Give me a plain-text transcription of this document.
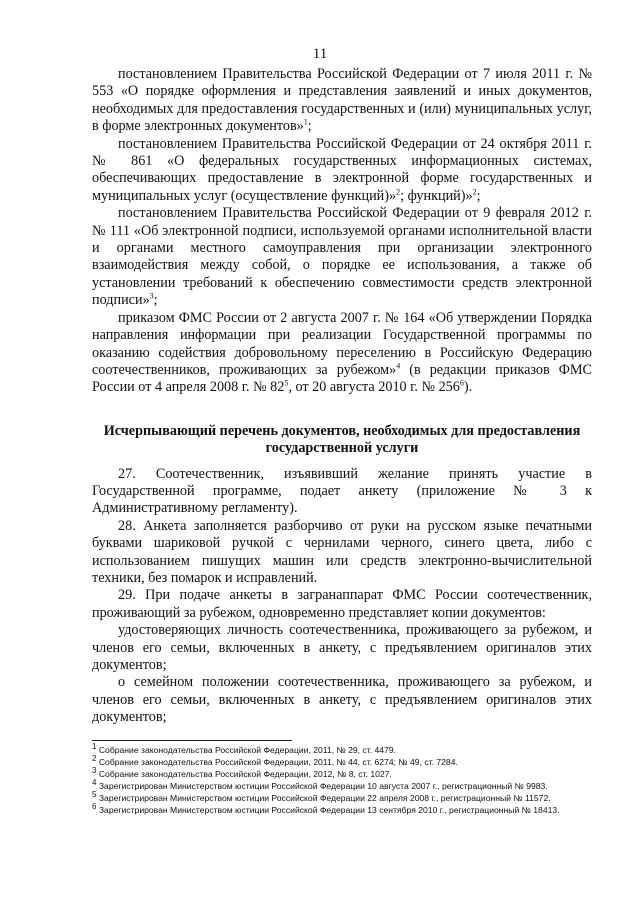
11

постановлением Правительства Российской Федерации от 7 июля 2011 г. № 553 «О порядке оформления и представления заявлений и иных документов, необходимых для предоставления государственных и (или) муниципальных услуг, в форме электронных документов»$^1$;

постановлением Правительства Российской Федерации от 24 октября 2011 г. № 861 «О федеральных государственных информационных системах, обеспечивающих предоставление в электронной форме государственных и муниципальных услуг (осуществление функций)»$^2$; функций)»$^2$;

постановлением Правительства Российской Федерации от 9 февраля 2012 г. № 111 «Об электронной подписи, используемой органами исполнительной власти и органами местного самоуправления при организации электронного взаимодействия между собой, о порядке ее использования, а также об установлении требований к обеспечению совместимости средств электронной подписи»$^3$;

приказом ФМС России от 2 августа 2007 г. № 164 «Об утверждении Порядка направления информации при реализации Государственной программы по оказанию содействия добровольному переселению в Российскую Федерацию соотечественников, проживающих за рубежом»$^4$ (в редакции приказов ФМС России от 4 апреля 2008 г. № $82^5$, от 20 августа 2010 г. № $256^6$).

Исчерпывающий перечень документов, необходимых для предоставления государственной услуги

27. Соотечественник, изъявивший желание принять участие в Государственной программе, подает анкету (приложение № 3 к Административному регламенту).

28. Анкета заполняется разборчиво от руки на русском языке печатными буквами шариковой ручкой с чернилами черного, синего цвета, либо с использованием пишущих машин или средств электронно-вычислительной техники, без помарок и исправлений.

29. При подаче анкеты в загранаппарат ФМС России соотечественник, проживающий за рубежом, одновременно представляет копии документов:

удостоверяющих личность соотечественника, проживающего за рубежом, и членов его семьи, включенных в анкету, с предъявлением оригиналов этих документов;

о семейном положении соотечественника, проживающего за рубежом, и членов его семьи, включенных в анкету, с предъявлением оригиналов этих документов;

$^1$ Собрание законодательства Российской Федерации, 2011, № 29, ст. 4479.

$^2$ Собрание законодательства Российской Федерации, 2011, № 44, ст. 6274; № 49, ст. 7284.

$^3$ Собрание законодательства Российской Федерации, 2012, № 8, ст. 1027.

$^4$ Зарегистрирован Министерством юстиции Российской Федерации 10 августа 2007 г., регистрационный № 9983.

$^5$ Зарегистрирован Министерством юстиции Российской Федерации 22 апреля 2008 г., регистрационный № 11572.

$^6$ Зарегистрирован Министерством юстиции Российской Федерации 13 сентября 2010 г., регистрационный № 18413.
